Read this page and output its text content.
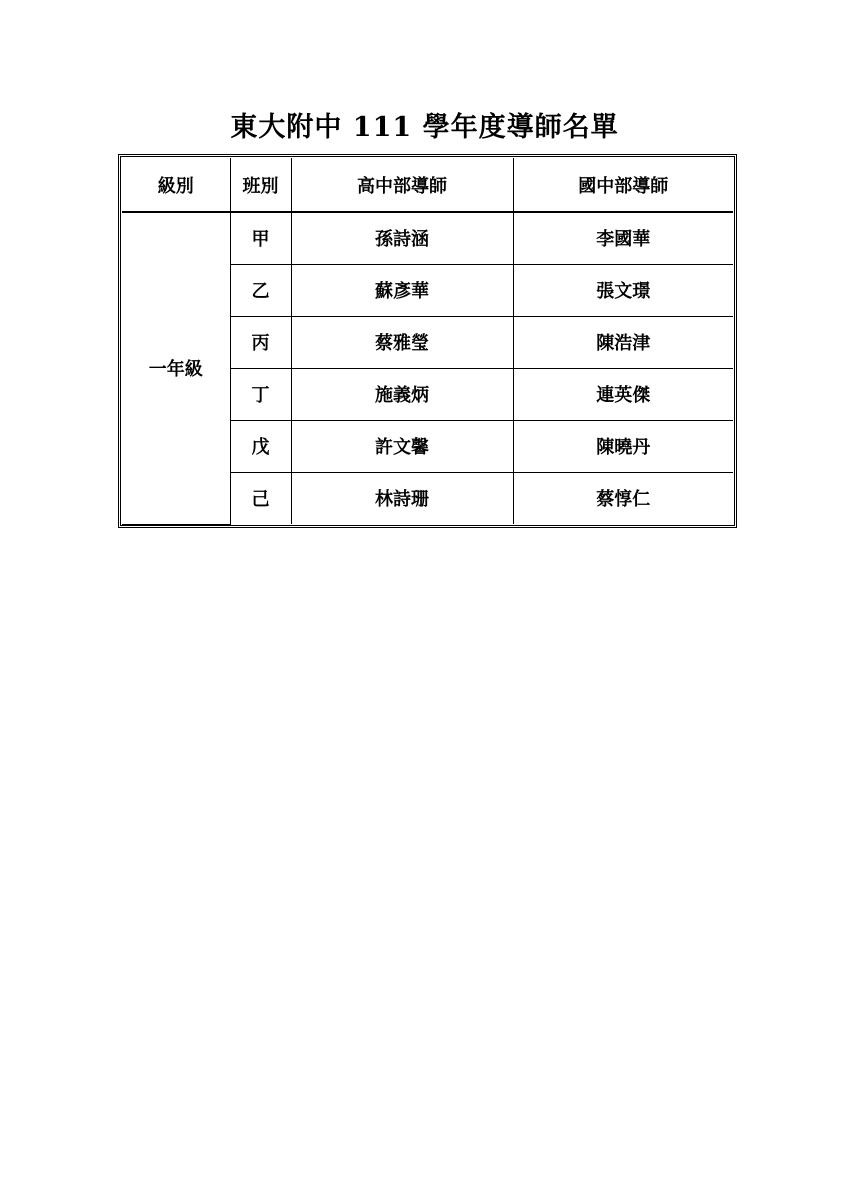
東大附中 111 學年度導師名單
級別	班別	高中部導師	國中部導師
一年級	甲	孫詩涵	李國華
	乙	蘇彥華	張文璟
	丙	蔡雅瑩	陳浩津
	丁	施義炳	連英傑
	戊	許文馨	陳曉丹
	己	林詩珊	蔡惇仁
